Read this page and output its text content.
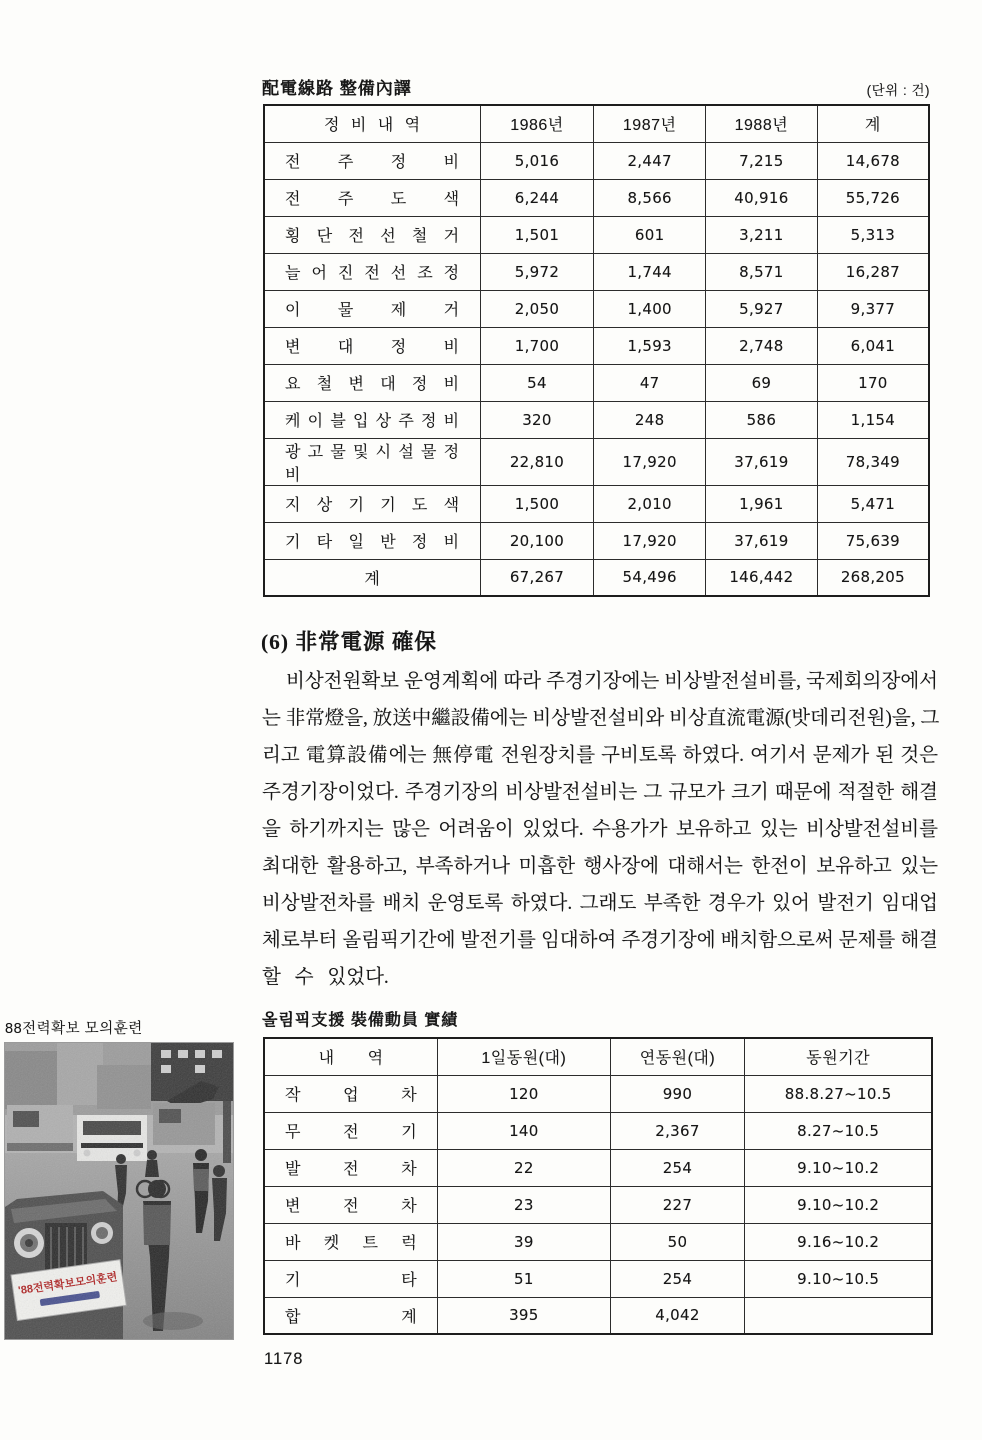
配電線路 整備內譯	(단위 : 건)
정 비 내 역	1986년	1987년	1988년	계
전 주 정 비	5,016	2,447	7,215	14,678
전 주 도 색	6,244	8,566	40,916	55,726
횡 단 전 선 철 거	1,501	601	3,211	5,313
늘 어 진 전 선 조 정	5,972	1,744	8,571	16,287
이 물 제 거	2,050	1,400	5,927	9,377
변 대 정 비	1,700	1,593	2,748	6,041
요 철 변 대 정 비	54	47	69	170
케 이 블 입 상 주 정 비	320	248	586	1,154
광 고 물 및 시 설 물 정 비	22,810	17,920	37,619	78,349
지 상 기 기 도 색	1,500	2,010	1,961	5,471
기 타 일 반 정 비	20,100	17,920	37,619	75,639
계	67,267	54,496	146,442	268,205
(6) 非常電源 確保
비상전원확보 운영계획에 따라 주경기장에는 비상발전설비를, 국제회의장에서
는 非常燈을, 放送中繼設備에는 비상발전설비와 비상直流電源(밧데리전원)을, 그
리고 電算設備에는 無停電 전원장치를 구비토록 하였다. 여기서 문제가 된 것은
주경기장이었다. 주경기장의 비상발전설비는 그 규모가 크기 때문에 적절한 해결
을 하기까지는 많은 어려움이 있었다. 수용가가 보유하고 있는 비상발전설비를
최대한 활용하고, 부족하거나 미흡한 행사장에 대해서는 한전이 보유하고 있는
비상발전차를 배치 운영토록 하였다. 그래도 부족한 경우가 있어 발전기 임대업
체로부터 올림픽기간에 발전기를 임대하여 주경기장에 배치함으로써 문제를 해결
할 수 있었다.
88전력확보 모의훈련
'88전력확보모의훈련
올림픽支援 裝備動員 實績
내  역	1일동원(대)	연동원(대)	동원기간
작 업 차	120	990	88.8.27~10.5
무 전 기	140	2,367	8.27~10.5
발 전 차	22	254	9.10~10.2
변 전 차	23	227	9.10~10.2
바 켓 트 럭	39	50	9.16~10.2
기 타	51	254	9.10~10.5
합 계	395	4,042	
1178
